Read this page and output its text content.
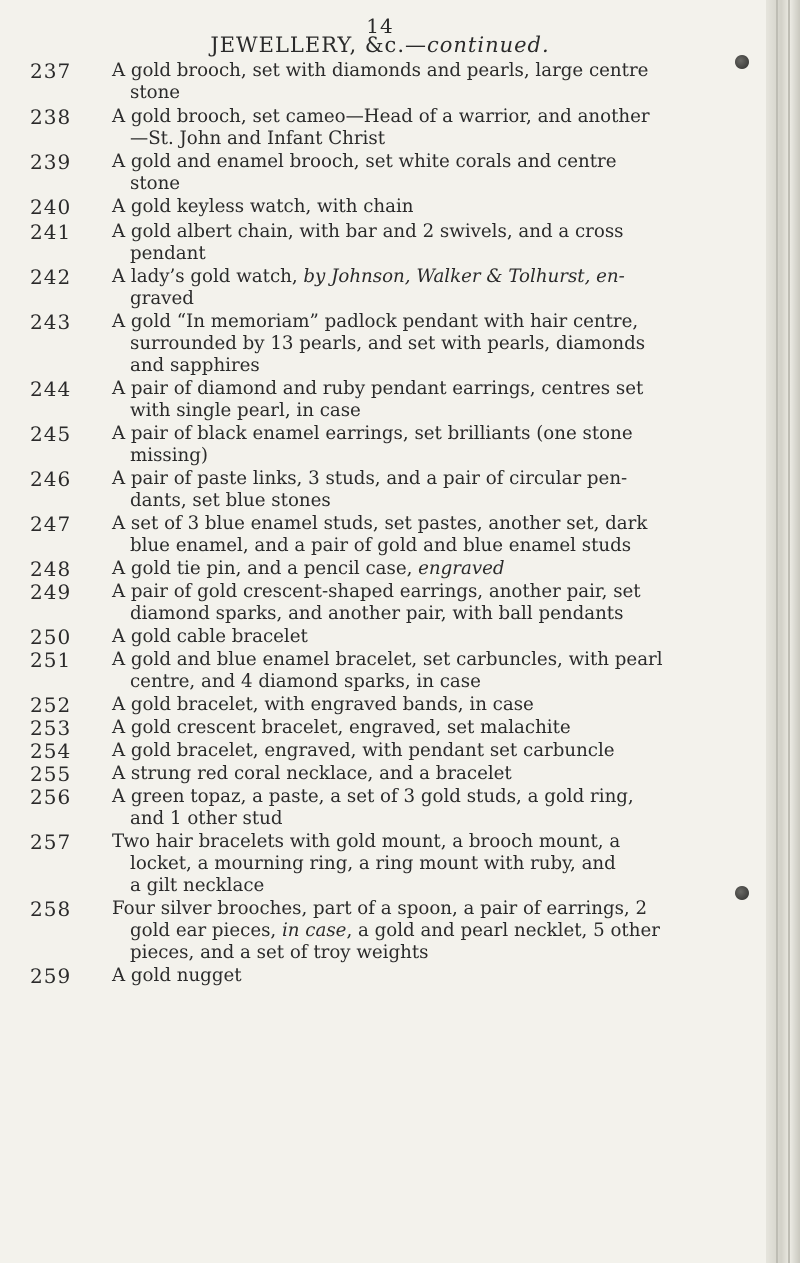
14
JEWELLERY, &c.—continued.
237	A gold brooch, set with diamonds and pearls, large centre
stone
238	A gold brooch, set cameo—Head of a warrior, and another
—St. John and Infant Christ
239	A gold and enamel brooch, set white corals and centre
stone
240	A gold keyless watch, with chain
241	A gold albert chain, with bar and 2 swivels, and a cross
pendant
242	A lady’s gold watch, by Johnson, Walker & Tolhurst, en-
graved
243	A gold “In memoriam” padlock pendant with hair centre,
surrounded by 13 pearls, and set with pearls, diamonds
and sapphires
244	A pair of diamond and ruby pendant earrings, centres set
with single pearl, in case
245	A pair of black enamel earrings, set brilliants (one stone
missing)
246	A pair of paste links, 3 studs, and a pair of circular pen-
dants, set blue stones
247	A set of 3 blue enamel studs, set pastes, another set, dark
blue enamel, and a pair of gold and blue enamel studs
248	A gold tie pin, and a pencil case, engraved
249	A pair of gold crescent-shaped earrings, another pair, set
diamond sparks, and another pair, with ball pendants
250	A gold cable bracelet
251	A gold and blue enamel bracelet, set carbuncles, with pearl
centre, and 4 diamond sparks, in case
252	A gold bracelet, with engraved bands, in case
253	A gold crescent bracelet, engraved, set malachite
254	A gold bracelet, engraved, with pendant set carbuncle
255	A strung red coral necklace, and a bracelet
256	A green topaz, a paste, a set of 3 gold studs, a gold ring,
and 1 other stud
257	Two hair bracelets with gold mount, a brooch mount, a
locket, a mourning ring, a ring mount with ruby, and
a gilt necklace
258	Four silver brooches, part of a spoon, a pair of earrings, 2
gold ear pieces, in case, a gold and pearl necklet, 5 other
pieces, and a set of troy weights
259	A gold nugget
